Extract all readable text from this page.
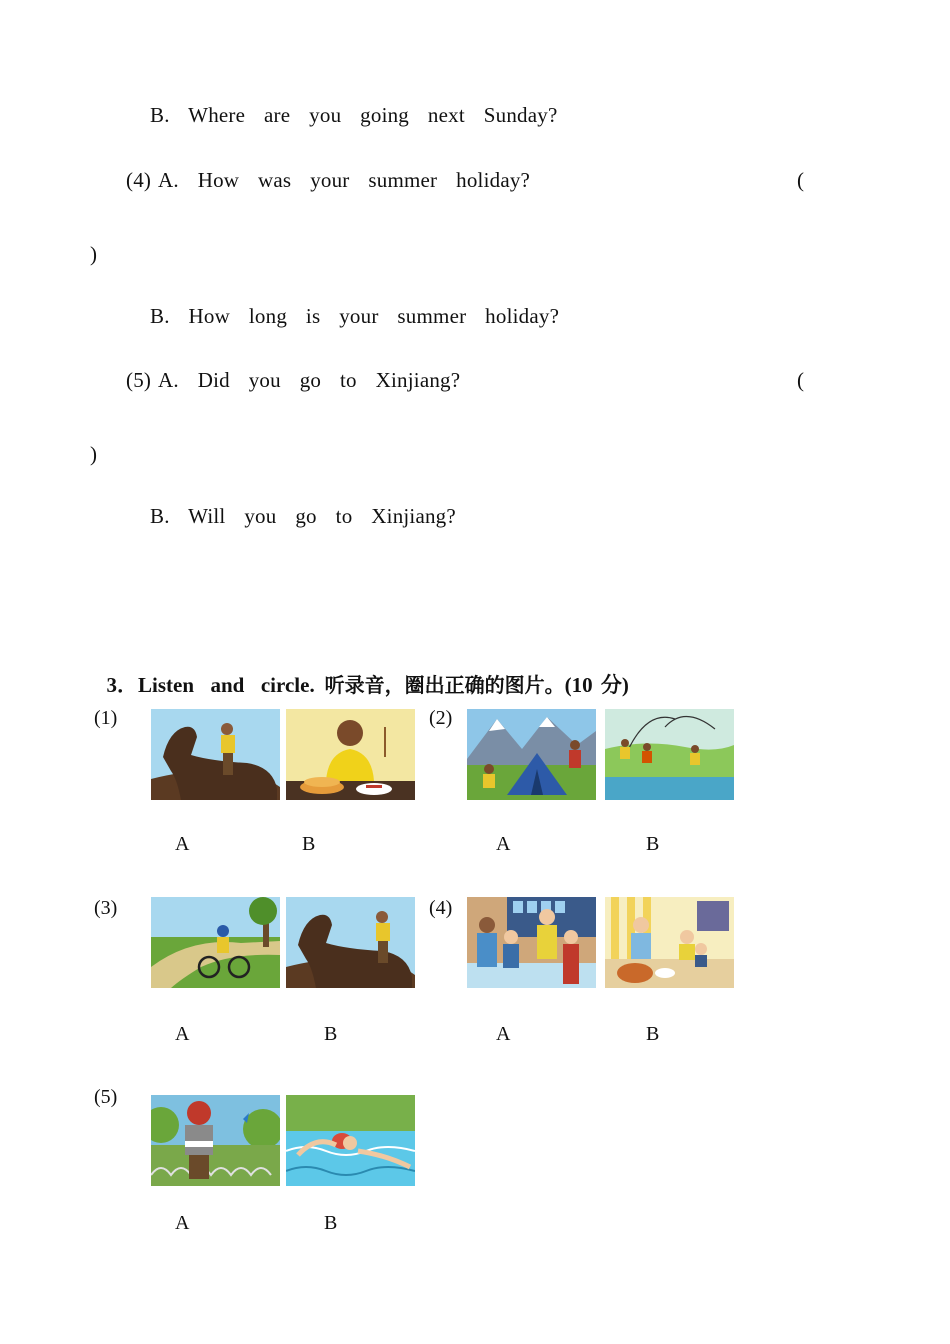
B.  Where  are  you  going  next  Sunday?
(4) A.  How  was  your  summer  holiday?	(
)
B.  How  long  is  your  summer  holiday?
(5) A.  Did  you  go  to  Xinjiang?	(
)
B.  Will  you  go  to  Xinjiang?

3．Listen  and  circle. 听录音，圈出正确的图片。(10 分)

(1)
A	B
(2)
A	B
(3)
A	B
(4)
A	B
(5)
A	B
